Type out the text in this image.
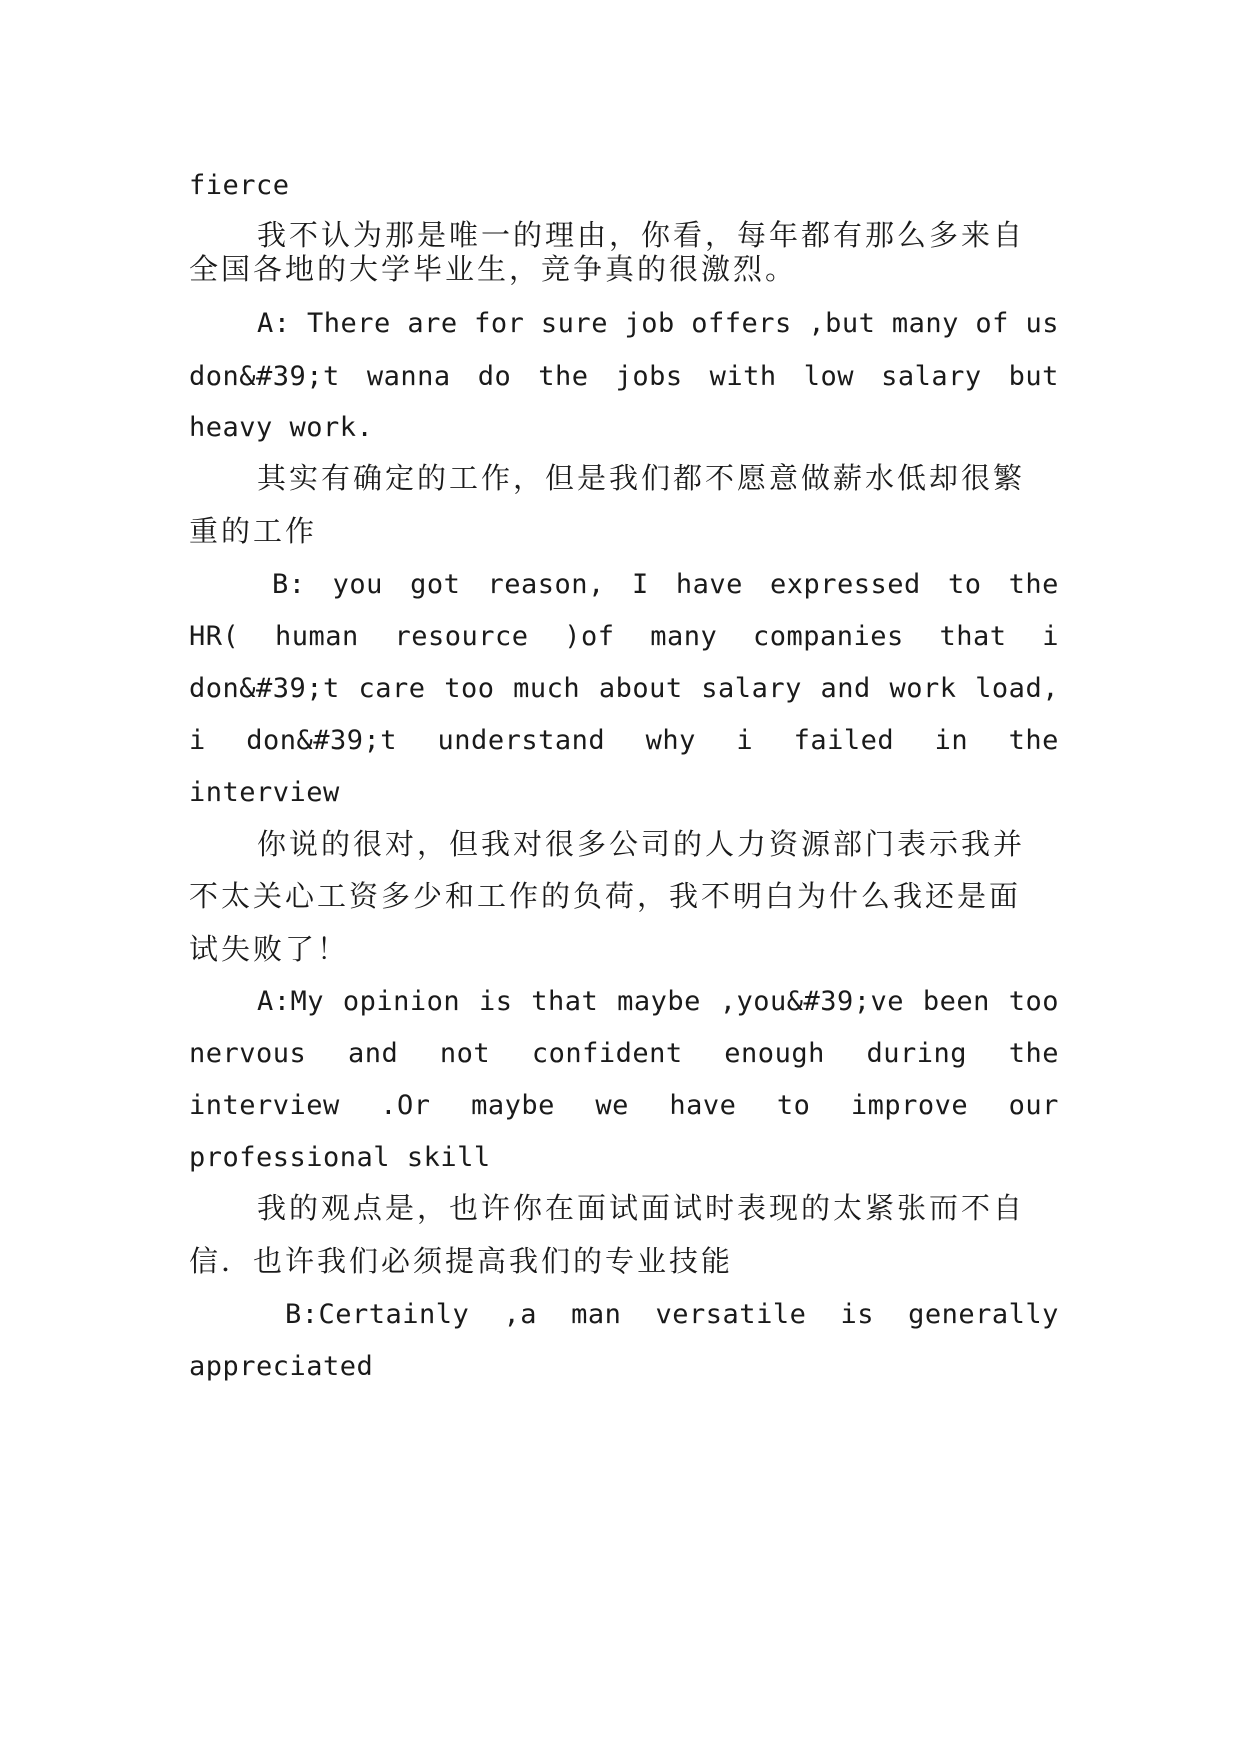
fierce
我不认为那是唯一的理由，你看，每年都有那么多来自
全国各地的大学毕业生，竞争真的很激烈。
A: There are for sure job offers ,but many of us
don&#39;t wanna do the jobs with low salary but
heavy work.
其实有确定的工作，但是我们都不愿意做薪水低却很繁
重的工作
B: you got reason, I have expressed to the
HR( human resource )of many companies that i
don&#39;t care too much about salary and work load,
i don&#39;t understand why i failed in the
interview
你说的很对，但我对很多公司的人力资源部门表示我并
不太关心工资多少和工作的负荷，我不明白为什么我还是面
试失败了！
A:My opinion is that maybe ,you&#39;ve been too
nervous and not confident enough during the
interview .Or maybe we have to improve our
professional skill
我的观点是，也许你在面试面试时表现的太紧张而不自
信．也许我们必须提高我们的专业技能
B:Certainly ,a man versatile is generally
appreciated
